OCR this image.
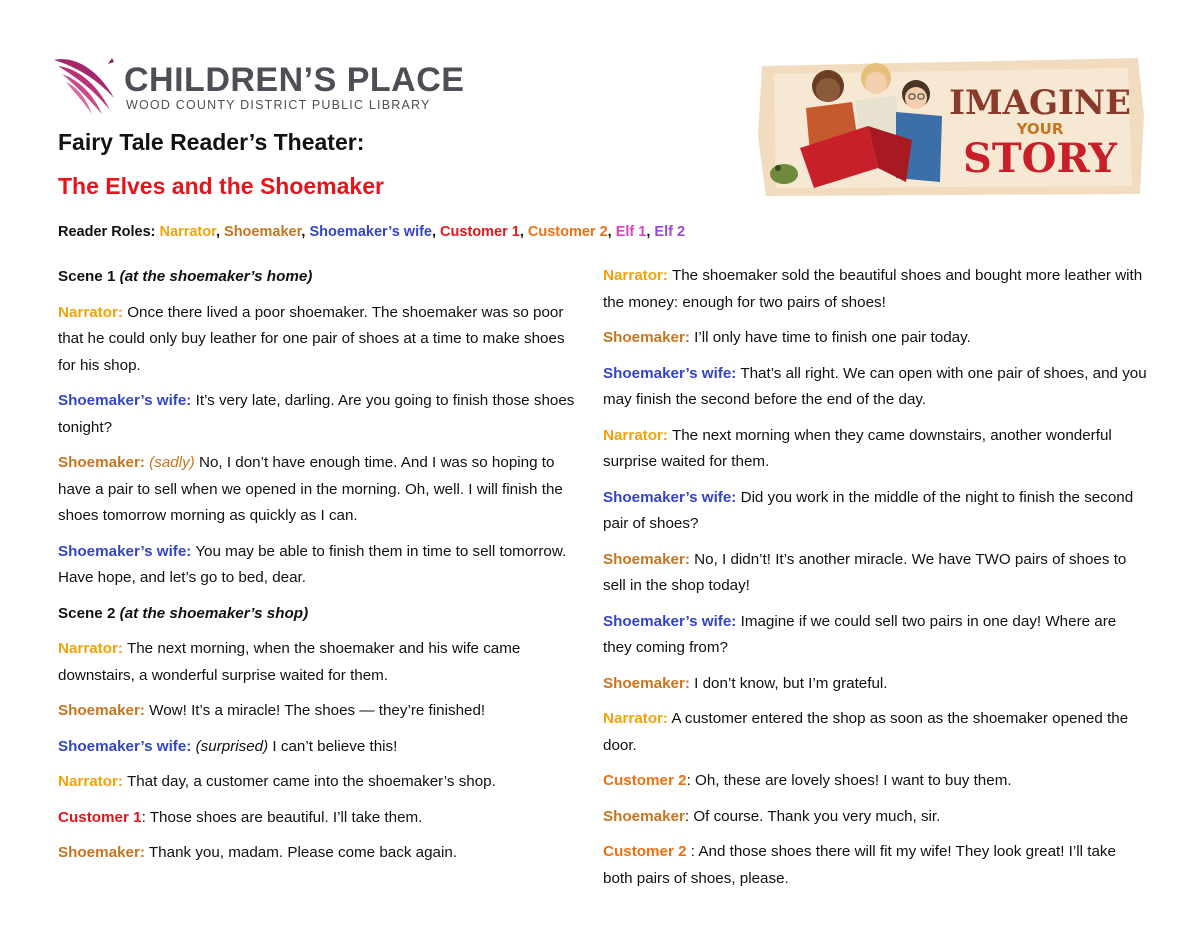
CHILDREN’S PLACE
WOOD COUNTY DISTRICT PUBLIC LIBRARY	IMAGINE
YOUR
STORY
Fairy Tale Reader’s Theater:
The Elves and the Shoemaker
Reader Roles: Narrator, Shoemaker, Shoemaker’s wife, Customer 1, Customer 2, Elf 1, Elf 2

Scene 1 (at the shoemaker’s home)

Narrator: Once there lived a poor shoemaker. The shoemaker was so poor that he could only buy leather for one pair of shoes at a time to make shoes for his shop.

Shoemaker’s wife: It’s very late, darling. Are you going to finish those shoes tonight?

Shoemaker: (sadly) No, I don’t have enough time. And I was so hoping to have a pair to sell when we opened in the morning. Oh, well. I will finish the shoes tomorrow morning as quickly as I can.

Shoemaker’s wife: You may be able to finish them in time to sell tomorrow. Have hope, and let’s go to bed, dear.

Scene 2 (at the shoemaker’s shop)

Narrator: The next morning, when the shoemaker and his wife came downstairs, a wonderful surprise waited for them.

Shoemaker: Wow! It’s a miracle! The shoes — they’re finished!

Shoemaker’s wife: (surprised) I can’t believe this!

Narrator: That day, a customer came into the shoemaker’s shop.

Customer 1: Those shoes are beautiful. I’ll take them.

Shoemaker: Thank you, madam. Please come back again.

Narrator: The shoemaker sold the beautiful shoes and bought more leather with the money: enough for two pairs of shoes!

Shoemaker: I’ll only have time to finish one pair today.

Shoemaker’s wife: That’s all right. We can open with one pair of shoes, and you may finish the second before the end of the day.

Narrator: The next morning when they came downstairs, another wonderful surprise waited for them.

Shoemaker’s wife: Did you work in the middle of the night to finish the second pair of shoes?

Shoemaker: No, I didn’t! It’s another miracle. We have TWO pairs of shoes to sell in the shop today!

Shoemaker’s wife: Imagine if we could sell two pairs in one day! Where are they coming from?

Shoemaker: I don’t know, but I’m grateful.

Narrator: A customer entered the shop as soon as the shoemaker opened the door.

Customer 2: Oh, these are lovely shoes! I want to buy them.

Shoemaker: Of course. Thank you very much, sir.

Customer 2 : And those shoes there will fit my wife! They look great! I’ll take both pairs of shoes, please.
